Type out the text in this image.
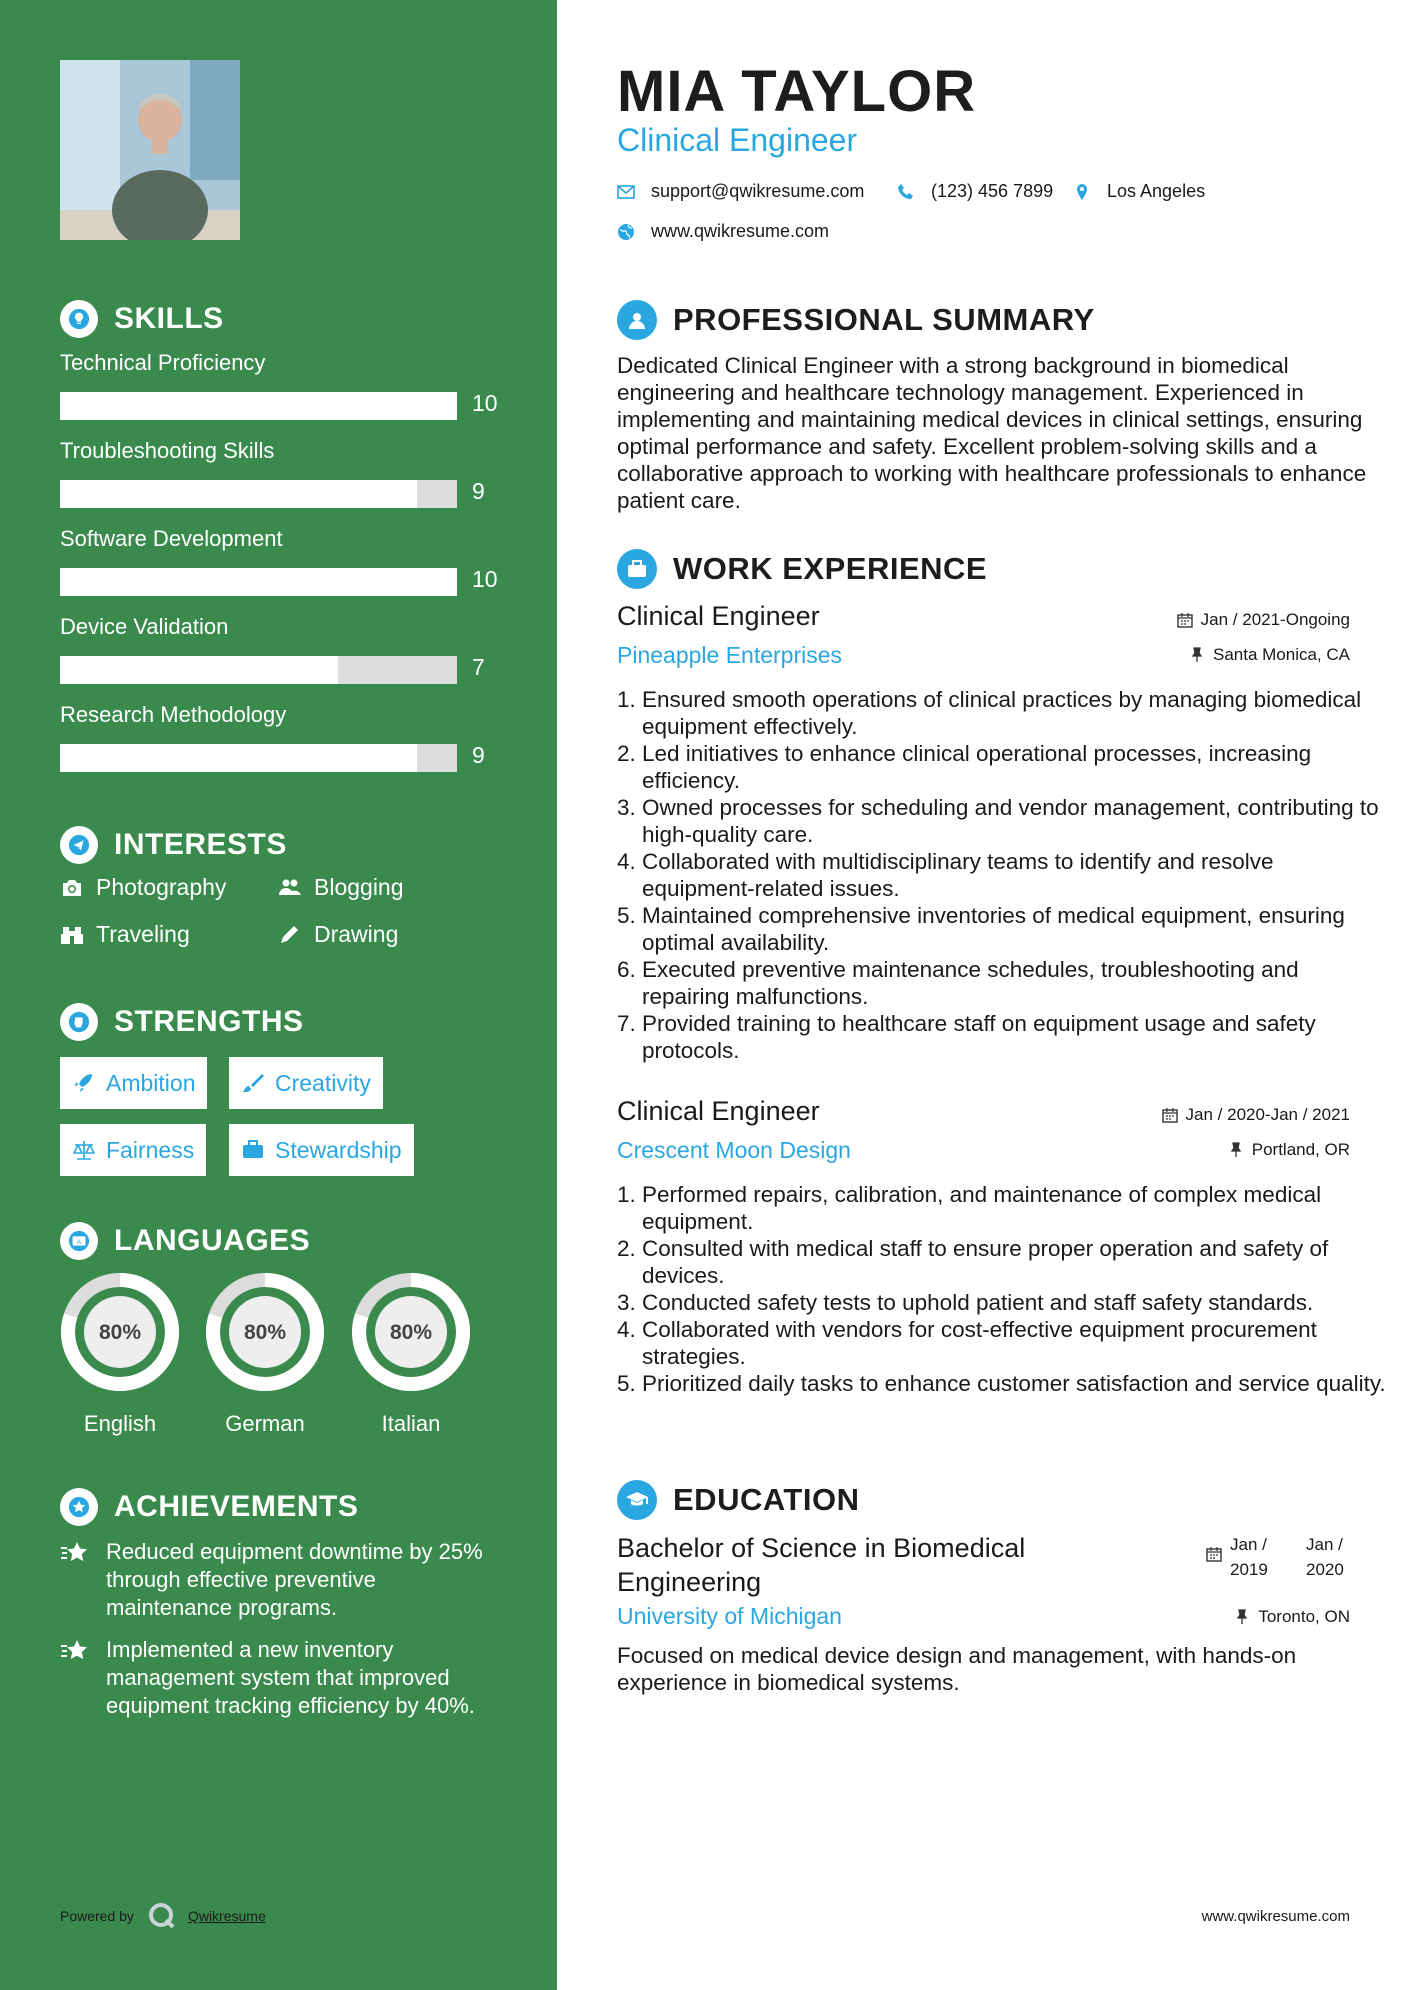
SKILLS
Technical Proficiency
10
Troubleshooting Skills
9
Software Development
10
Device Validation
7
Research Methodology
9
INTERESTS
Photography	Blogging
Traveling	Drawing
STRENGTHS
Ambition	Creativity
Fairness	Stewardship
A LANGUAGES
80%
English
80%
German
80%
Italian
ACHIEVEMENTS
Reduced equipment downtime by 25% through effective preventive maintenance programs.
Implemented a new inventory management system that improved equipment tracking efficiency by 40%.
Powered by	Qwikresume
MIA TAYLOR
Clinical Engineer
support@qwikresume.com	(123) 456 7899	Los Angeles
www.qwikresume.com
PROFESSIONAL SUMMARY
Dedicated Clinical Engineer with a strong background in biomedical engineering and healthcare technology management. Experienced in implementing and maintaining medical devices in clinical settings, ensuring optimal performance and safety. Excellent problem-solving skills and a collaborative approach to working with healthcare professionals to enhance patient care.
WORK EXPERIENCE
Clinical Engineer
Pineapple Enterprises
Jan / 2021-Ongoing
Santa Monica, CA
1. Ensured smooth operations of clinical practices by managing biomedical equipment effectively.
2. Led initiatives to enhance clinical operational processes, increasing efficiency.
3. Owned processes for scheduling and vendor management, contributing to high-quality care.
4. Collaborated with multidisciplinary teams to identify and resolve equipment-related issues.
5. Maintained comprehensive inventories of medical equipment, ensuring optimal availability.
6. Executed preventive maintenance schedules, troubleshooting and repairing malfunctions.
7. Provided training to healthcare staff on equipment usage and safety protocols.
Clinical Engineer
Crescent Moon Design
Jan / 2020-Jan / 2021
Portland, OR
1. Performed repairs, calibration, and maintenance of complex medical equipment.
2. Consulted with medical staff to ensure proper operation and safety of devices.
3. Conducted safety tests to uphold patient and staff safety standards.
4. Collaborated with vendors for cost-effective equipment procurement strategies.
5. Prioritized daily tasks to enhance customer satisfaction and service quality.
EDUCATION
Bachelor of Science in Biomedical Engineering
University of Michigan
Jan / 2019
Jan / 2020
Toronto, ON
Focused on medical device design and management, with hands-on experience in biomedical systems.
www.qwikresume.com
